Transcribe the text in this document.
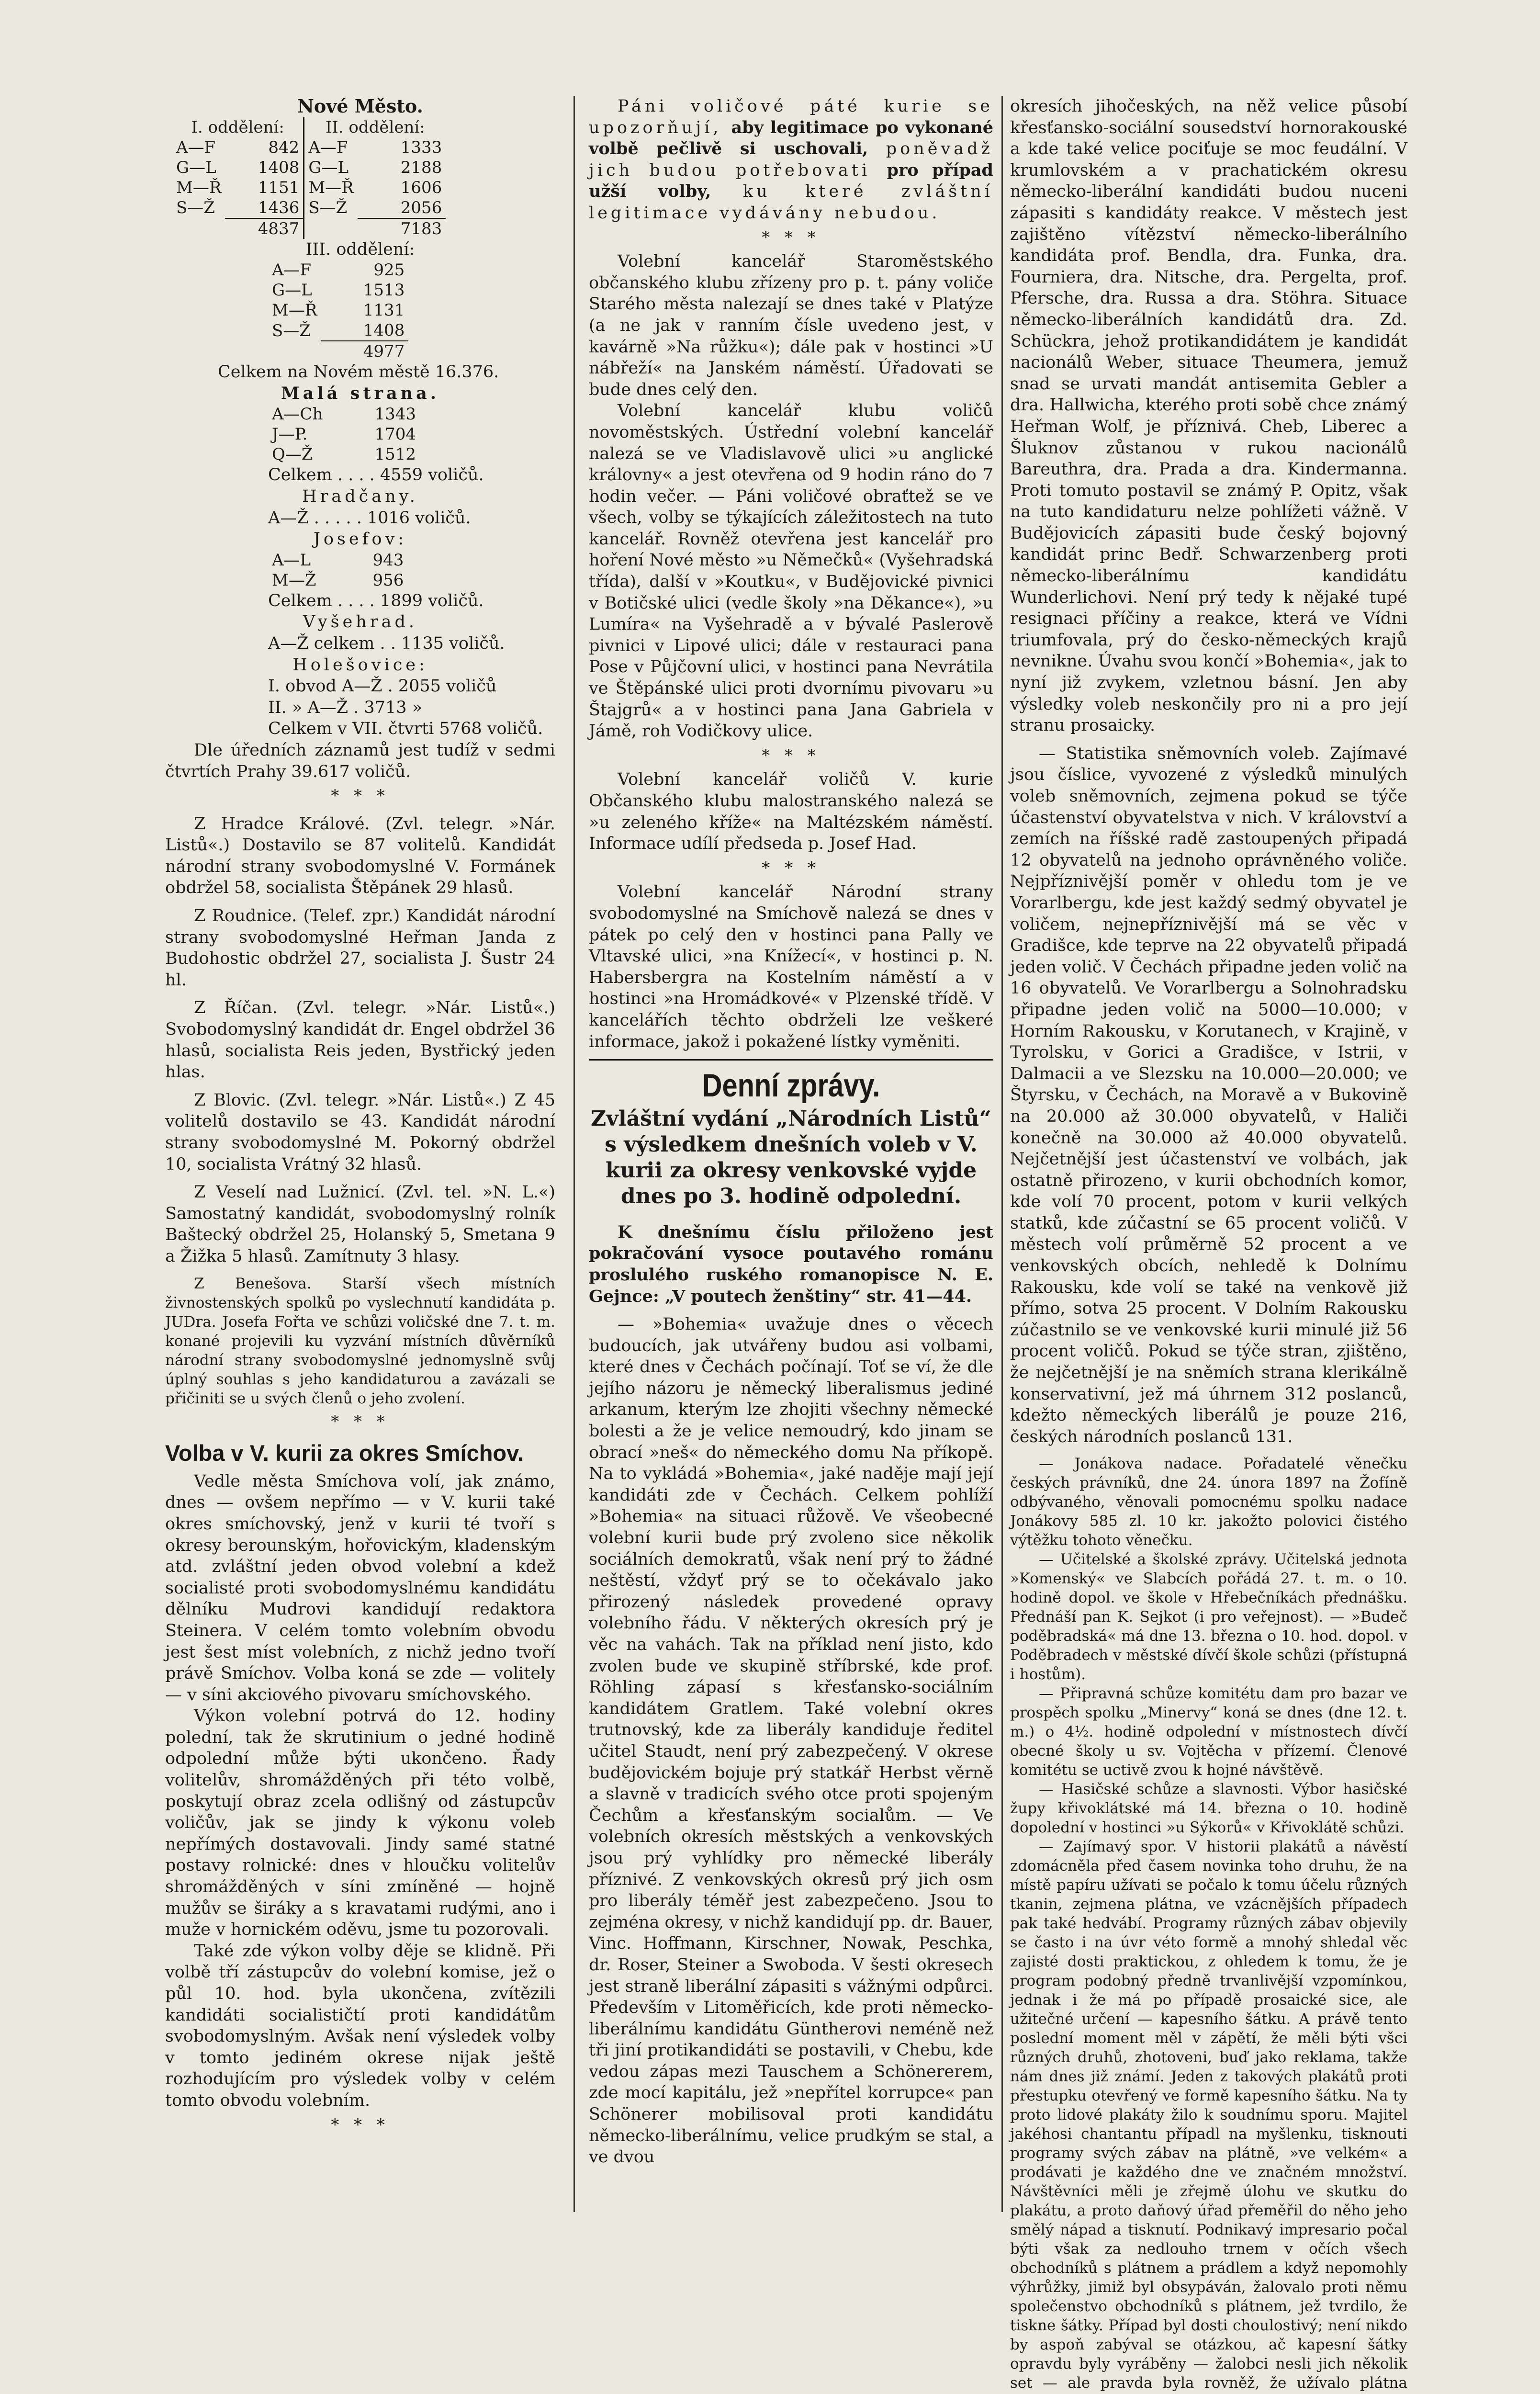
Nové Město.
I. oddělení:		II. oddělení:	
A—F	842	A—F	1333
G—L	1408	G—L	2188
M—Ř	1151	M—Ř	1606
S—Ž	1436	S—Ž	2056
	4837		7183
III. oddělení:
A—F	925
G—L	1513
M—Ř	1131
S—Ž	1408
	4977
Celkem na Novém městě 16.376.
Malá strana.
A—Ch	1343
J—P.	1704
Q—Ž	1512
Celkem . . . . 4559 voličů.
Hradčany.
A—Ž . . . . . 1016 voličů.
Josefov:
A—L	943
M—Ž	956
Celkem . . . . 1899 voličů.
Vyšehrad.
A—Ž celkem . . 1135 voličů.
Holešovice:
I. obvod A—Ž . 2055 voličů
II. » A—Ž . 3713 »
Celkem v VII. čtvrti 5768 voličů.

Dle úředních záznamů jest tudíž v sedmi čtvrtích Prahy 39.617 voličů.

* * *

Z Hradce Králové. (Zvl. telegr. »Nár. Listů«.) Dostavilo se 87 volitelů. Kandidát národní strany svobodomyslné V. Formánek obdržel 58, socialista Štěpánek 29 hlasů.

Z Roudnice. (Telef. zpr.) Kandidát národní strany svobodomyslné Heřman Janda z Budohostic obdržel 27, socialista J. Šustr 24 hl.

Z Říčan. (Zvl. telegr. »Nár. Listů«.) Svobodomyslný kandidát dr. Engel obdržel 36 hlasů, socialista Reis jeden, Bystřický jeden hlas.

Z Blovic. (Zvl. telegr. »Nár. Listů«.) Z 45 volitelů dostavilo se 43. Kandidát národní strany svobodomyslné M. Pokorný obdržel 10, socialista Vrátný 32 hlasů.

Z Veselí nad Lužnicí. (Zvl. tel. »N. L.«) Samostatný kandidát, svobodomyslný rolník Baštecký obdržel 25, Holanský 5, Smetana 9 a Žižka 5 hlasů. Zamítnuty 3 hlasy.

Z Benešova. Starší všech místních živnostenských spolků po vyslechnutí kandidáta p. JUDra. Josefa Fořta ve schůzi voličské dne 7. t. m. konané projevili ku vyzvání místních důvěrníků národní strany svobodomyslné jednomyslně svůj úplný souhlas s jeho kandidaturou a zavázali se přičiniti se u svých členů o jeho zvolení.

* * *
Volba v V. kurii za okres Smíchov.

Vedle města Smíchova volí, jak známo, dnes — ovšem nepřímo — v V. kurii také okres smíchovský, jenž v kurii té tvoří s okresy berounským, hořovickým, kladenským atd. zvláštní jeden obvod volební a kdež socialisté proti svobodomyslnému kandidátu dělníku Mudrovi kandidují redaktora Steinera. V celém tomto volebním obvodu jest šest míst volebních, z nichž jedno tvoří právě Smíchov. Volba koná se zde — volitely — v síni akciového pivovaru smíchovského.

Výkon volební potrvá do 12. hodiny polední, tak že skrutinium o jedné hodině odpolední může býti ukončeno. Řady volitelův, shromážděných při této volbě, poskytují obraz zcela odlišný od zástupcův voličův, jak se jindy k výkonu voleb nepřímých dostavovali. Jindy samé statné postavy rolnické: dnes v hloučku volitelův shromážděných v síni zmíněné — hojně mužův se širáky a s kravatami rudými, ano i muže v hornickém oděvu, jsme tu pozorovali.

Také zde výkon volby děje se klidně. Při volbě tří zástupcův do volební komise, jež o půl 10. hod. byla ukončena, zvítězili kandidáti socialističtí proti kandidátům svobodomyslným. Avšak není výsledek volby v tomto jediném okrese nijak ještě rozhodujícím pro výsledek volby v celém tomto obvodu volebním.

* * *

Páni voličové páté kurie se upozorňují, aby legitimace po vykonané volbě pečlivě si uschovali, poněvadž jich budou potřebovati pro případ užší volby, ku které zvláštní legitimace vydávány nebudou.

* * *

Volební kancelář Staroměstského občanského klubu zřízeny pro p. t. pány voliče Starého města nalezají se dnes také v Platýze (a ne jak v ranním čísle uvedeno jest, v kavárně »Na růžku«); dále pak v hostinci »U nábřeží« na Janském náměstí. Úřadovati se bude dnes celý den.

Volební kancelář klubu voličů novoměstských. Ústřední volební kancelář nalezá se ve Vladislavově ulici »u anglické královny« a jest otevřena od 9 hodin ráno do 7 hodin večer. — Páni voličové obraťtež se ve všech, volby se týkajících záležitostech na tuto kancelář. Rovněž otevřena jest kancelář pro hoření Nové město »u Němečků« (Vyšehradská třída), další v »Koutku«, v Budějovické pivnici v Botičské ulici (vedle školy »na Děkance«), »u Lumíra« na Vyšehradě a v bývalé Paslerově pivnici v Lipové ulici; dále v restauraci pana Pose v Půjčovní ulici, v hostinci pana Nevrátila ve Štěpánské ulici proti dvornímu pivovaru »u Štajgrů« a v hostinci pana Jana Gabriela v Jámě, roh Vodičkovy ulice.

* * *

Volební kancelář voličů V. kurie Občanského klubu malostranského nalezá se »u zeleného kříže« na Maltézském náměstí. Informace udílí předseda p. Josef Had.

* * *

Volební kancelář Národní strany svobodomyslné na Smíchově nalezá se dnes v pátek po celý den v hostinci pana Pally ve Vltavské ulici, »na Knížecí«, v hostinci p. N. Habersbergra na Kostelním náměstí a v hostinci »na Hromádkové« v Plzenské třídě. V kancelářích těchto obdrželi lze veškeré informace, jakož i pokažené lístky vyměniti.

Denní zprávy.
Zvláštní vydání „Národních Listů“ s výsledkem dnešních voleb v V. kurii za okresy venkovské vyjde dnes po 3. hodině odpolední.

K dnešnímu číslu přiloženo jest pokračování vysoce poutavého románu proslulého ruského romanopisce N. E. Gejnce: „V poutech ženštiny“ str. 41—44.

— »Bohemia« uvažuje dnes o věcech budoucích, jak utvářeny budou asi volbami, které dnes v Čechách počínají. Toť se ví, že dle jejího názoru je německý liberalismus jediné arkanum, kterým lze zhojiti všechny německé bolesti a že je velice nemoudrý, kdo jinam se obrací »neš« do německého domu Na příkopě. Na to vykládá »Bohemia«, jaké naděje mají její kandidáti zde v Čechách. Celkem pohlíží »Bohemia« na situaci růžově. Ve všeobecné volební kurii bude prý zvoleno sice několik sociálních demokratů, však není prý to žádné neštěstí, vždyť prý se to očekávalo jako přirozený následek provedené opravy volebního řádu. V některých okresích prý je věc na vahách. Tak na příklad není jisto, kdo zvolen bude ve skupině stříbrské, kde prof. Röhling zápasí s křesťansko-sociálním kandidátem Gratlem. Také volební okres trutnovský, kde za liberály kandiduje ředitel učitel Staudt, není prý zabezpečený. V okrese budějovickém bojuje prý statkář Herbst věrně a slavně v tradicích svého otce proti spojeným Čechům a křesťanským socialům. — Ve volebních okresích městských a venkovských jsou prý vyhlídky pro německé liberály příznivé. Z venkovských okresů prý jich osm pro liberály téměř jest zabezpečeno. Jsou to zejména okresy, v nichž kandidují pp. dr. Bauer, Vinc. Hoffmann, Kirschner, Nowak, Peschka, dr. Roser, Steiner a Swoboda. V šesti okresech jest straně liberální zápasiti s vážnými odpůrci. Především v Litoměřicích, kde proti německo-liberálnímu kandidátu Güntherovi neméně než tři jiní protikandidáti se postavili, v Chebu, kde vedou zápas mezi Tauschem a Schönererem, zde mocí kapitálu, jež »nepřítel korrupce« pan Schönerer mobilisoval proti kandidátu německo-liberálnímu, velice prudkým se stal, a ve dvou

okresích jihočeských, na něž velice působí křesťansko-sociální sousedství hornorakouské a kde také velice pociťuje se moc feudální. V krumlovském a v prachatickém okresu německo-liberální kandidáti budou nuceni zápasiti s kandidáty reakce. V městech jest zajištěno vítězství německo-liberálního kandidáta prof. Bendla, dra. Funka, dra. Fourniera, dra. Nitsche, dra. Pergelta, prof. Pfersche, dra. Russa a dra. Stöhra. Situace německo-liberálních kandidátů dra. Zd. Schückra, jehož protikandidátem je kandidát nacionálů Weber, situace Theumera, jemuž snad se urvati mandát antisemita Gebler a dra. Hallwicha, kterého proti sobě chce známý Heřman Wolf, je příznivá. Cheb, Liberec a Šluknov zůstanou v rukou nacionálů Bareuthra, dra. Prada a dra. Kindermanna. Proti tomuto postavil se známý P. Opitz, však na tuto kandidaturu nelze pohlížeti vážně. V Budějovicích zápasiti bude český bojovný kandidát princ Bedř. Schwarzenberg proti německo-liberálnímu kandidátu Wunderlichovi. Není prý tedy k nějaké tupé resignaci příčiny a reakce, která ve Vídni triumfovala, prý do česko-německých krajů nevnikne. Úvahu svou končí »Bohemia«, jak to nyní již zvykem, vzletnou básní. Jen aby výsledky voleb neskončily pro ni a pro její stranu prosaicky.

— Statistika sněmovních voleb. Zajímavé jsou číslice, vyvozené z výsledků minulých voleb sněmovních, zejmena pokud se týče účastenství obyvatelstva v nich. V království a zemích na říšské radě zastoupených připadá 12 obyvatelů na jednoho oprávněného voliče. Nejpříznivější poměr v ohledu tom je ve Vorarlbergu, kde jest každý sedmý obyvatel je voličem, nejnepříznivější má se věc v Gradišce, kde teprve na 22 obyvatelů připadá jeden volič. V Čechách připadne jeden volič na 16 obyvatelů. Ve Vorarlbergu a Solnohradsku připadne jeden volič na 5000—10.000; v Horním Rakousku, v Korutanech, v Krajině, v Tyrolsku, v Gorici a Gradišce, v Istrii, v Dalmacii a ve Slezsku na 10.000—20.000; ve Štyrsku, v Čechách, na Moravě a v Bukovině na 20.000 až 30.000 obyvatelů, v Haliči konečně na 30.000 až 40.000 obyvatelů. Nejčetnější jest účastenství ve volbách, jak ostatně přirozeno, v kurii obchodních komor, kde volí 70 procent, potom v kurii velkých statků, kde zúčastní se 65 procent voličů. V městech volí průměrně 52 procent a ve venkovských obcích, nehledě k Dolnímu Rakousku, kde volí se také na venkově již přímo, sotva 25 procent. V Dolním Rakousku zúčastnilo se ve venkovské kurii minulé již 56 procent voličů. Pokud se týče stran, zjištěno, že nejčetnější je na sněmích strana klerikálně konservativní, jež má úhrnem 312 poslanců, kdežto německých liberálů je pouze 216, českých národních poslanců 131.

— Jonákova nadace. Pořadatelé věnečku českých právníků, dne 24. února 1897 na Žofíně odbývaného, věnovali pomocnému spolku nadace Jonákovy 585 zl. 10 kr. jakožto polovici čistého výtěžku tohoto věnečku.

— Učitelské a školské zprávy. Učitelská jednota »Komenský« ve Slabcích pořádá 27. t. m. o 10. hodině dopol. ve škole v Hřebečníkách přednášku. Přednáší pan K. Sejkot (i pro veřejnost). — »Budeč poděbradská« má dne 13. března o 10. hod. dopol. v Poděbradech v městské dívčí škole schůzi (přístupná i hostům).

— Připravná schůze komitétu dam pro bazar ve prospěch spolku „Minervy“ koná se dnes (dne 12. t. m.) o 4½. hodině odpolední v místnostech dívčí obecné školy u sv. Vojtěcha v přízemí. Členové komitétu se uctivě zvou k hojné návštěvě.

— Hasičské schůze a slavnosti. Výbor hasičské župy křivoklátské má 14. března o 10. hodině dopolední v hostinci »u Sýkorů« v Křivoklátě schůzi.

— Zajímavý spor. V historii plakátů a návěstí zdomácněla před časem novinka toho druhu, že na místě papíru užívati se počalo k tomu účelu různých tkanin, zejmena plátna, ve vzácnějších případech pak také hedvábí. Programy různých zábav objevily se často i na úvr véto formě a mnohý shledal věc zajisté dosti praktickou, z ohledem k tomu, že je program podobný předně trvanlivější vzpomínkou, jednak i že má po případě prosaické sice, ale užitečné určení — kapesního šátku. A právě tento poslední moment měl v zápětí, že měli býti všci různých druhů, zhotoveni, buď jako reklama, takže nám dnes již známí. Jeden z takových plakátů proti přestupku otevřený ve formě kapesního šátku. Na ty proto lidové plakáty žilo k soudnímu sporu. Majitel jakéhosi chantantu případl na myšlenku, tisknouti programy svých zábav na plátně, »ve velkém« a prodávati je každého dne ve značném množství. Návštěvníci měli je zřejmě úlohu ve skutku do plakátu, a proto daňový úřad přeměřil do něho jeho smělý nápad a tisknutí. Podnikavý impresario počal býti však za nedlouho trnem v očích všech obchodníků s plátnem a prádlem a když nepomohly výhrůžky, jimiž byl obsypáván, žalovalo proti němu společenstvo obchodníků s plátnem, jež tvrdilo, že tiskne šátky. Případ byl dosti choulostivý; není nikdo by aspoň zabýval se otázkou, ač kapesní šátky opravdu byly vyráběny — žalobci nesli jich několik set — ale pravda byla rovněž, že užívalo plátna
